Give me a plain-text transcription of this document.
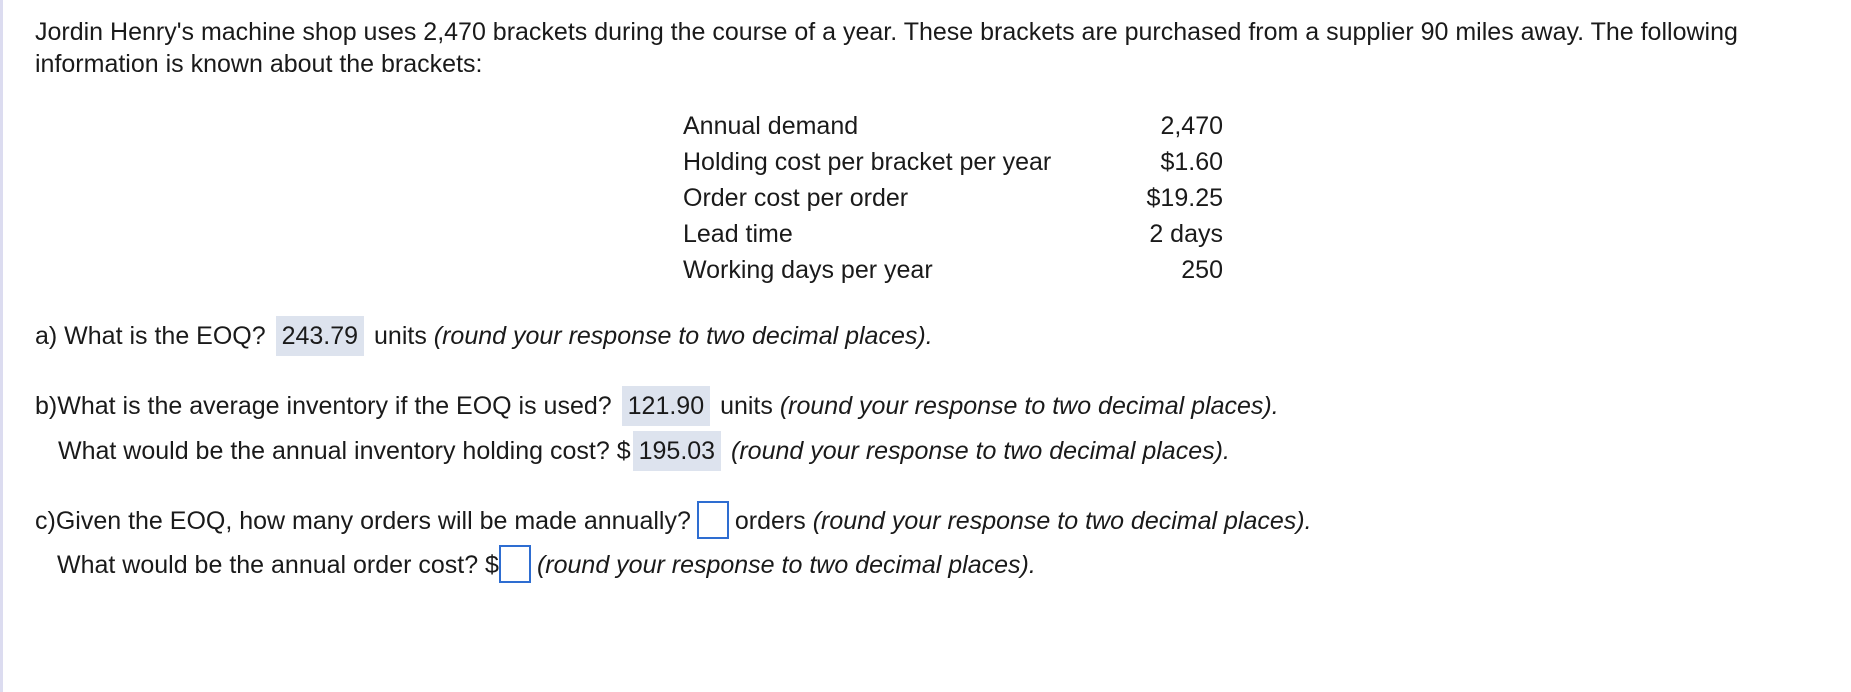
Jordin Henry's machine shop uses 2,470 brackets during the course of a year. These brackets are purchased from a supplier 90 miles away. The following information is known about the brackets:
Annual demand	2,470
Holding cost per bracket per year	$1.60
Order cost per order	$19.25
Lead time	2 days
Working days per year	250
a) What is the EOQ? 243.79 units (round your response to two decimal places).
b)What is the average inventory if the EOQ is used? 121.90 units (round your response to two decimal places).
What would be the annual inventory holding cost? $ 195.03 (round your response to two decimal places).
c)Given the EOQ, how many orders will be made annually? orders (round your response to two decimal places).
What would be the annual order cost? $ (round your response to two decimal places).
